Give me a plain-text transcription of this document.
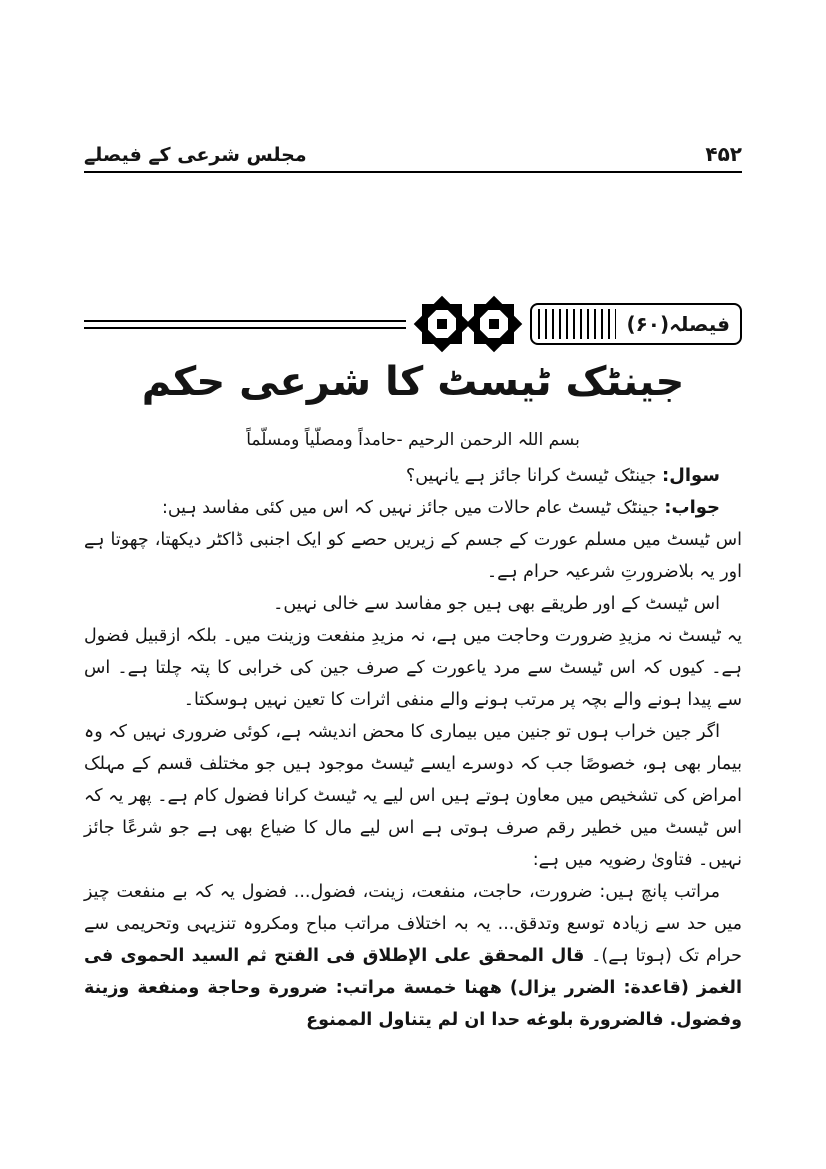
مجلس شرعی کے فیصلے	۴۵۲
فیصلہ(۶۰)
جینٹک ٹیسٹ کا شرعی حکم
بسم اللہ الرحمن الرحیم -حامداً ومصلّیاً ومسلّماً

سوال: جینٹک ٹیسٹ کرانا جائز ہے یانہیں؟

جواب: جینٹک ٹیسٹ عام حالات میں جائز نہیں کہ اس میں کئی مفاسد ہیں:

اس ٹیسٹ میں مسلم عورت کے جسم کے زیریں حصے کو ایک اجنبی ڈاکٹر دیکھتا، چھوتا ہے اور یہ بلاضرورتِ شرعیہ حرام ہے۔

اس ٹیسٹ کے اور طریقے بھی ہیں جو مفاسد سے خالی نہیں۔

یہ ٹیسٹ نہ مزیدِ ضرورت وحاجت میں ہے، نہ مزیدِ منفعت وزینت میں۔ بلکہ ازقبیل فضول ہے۔ کیوں کہ اس ٹیسٹ سے مرد یاعورت کے صرف جین کی خرابی کا پتہ چلتا ہے۔ اس سے پیدا ہونے والے بچہ پر مرتب ہونے والے منفی اثرات کا تعین نہیں ہوسکتا۔

اگر جین خراب ہوں تو جنین میں بیماری کا محض اندیشہ ہے، کوئی ضروری نہیں کہ وہ بیمار بھی ہو، خصوصًا جب کہ دوسرے ایسے ٹیسٹ موجود ہیں جو مختلف قسم کے مہلک امراض کی تشخیص میں معاون ہوتے ہیں اس لیے یہ ٹیسٹ کرانا فضول کام ہے۔ پھر یہ کہ اس ٹیسٹ میں خطیر رقم صرف ہوتی ہے اس لیے مال کا ضیاع بھی ہے جو شرعًا جائز نہیں۔ فتاویٰ رضویہ میں ہے:

مراتب پانچ ہیں: ضرورت، حاجت، منفعت، زینت، فضول... فضول یہ کہ بے منفعت چیز میں حد سے زیادہ توسع وتدقق... یہ بہ اختلاف مراتب مباح ومکروہ تنزیہی وتحریمی سے حرام تک (ہوتا ہے)۔ قال المحقق علی الإطلاق فی الفتح ثم السید الحموی فی الغمز (قاعدة: الضرر یزال) ههنا خمسة مراتب: ضرورة وحاجة ومنفعة وزینة وفضول. فالضرورة بلوغه حدا ان لم یتناول الممنوع
